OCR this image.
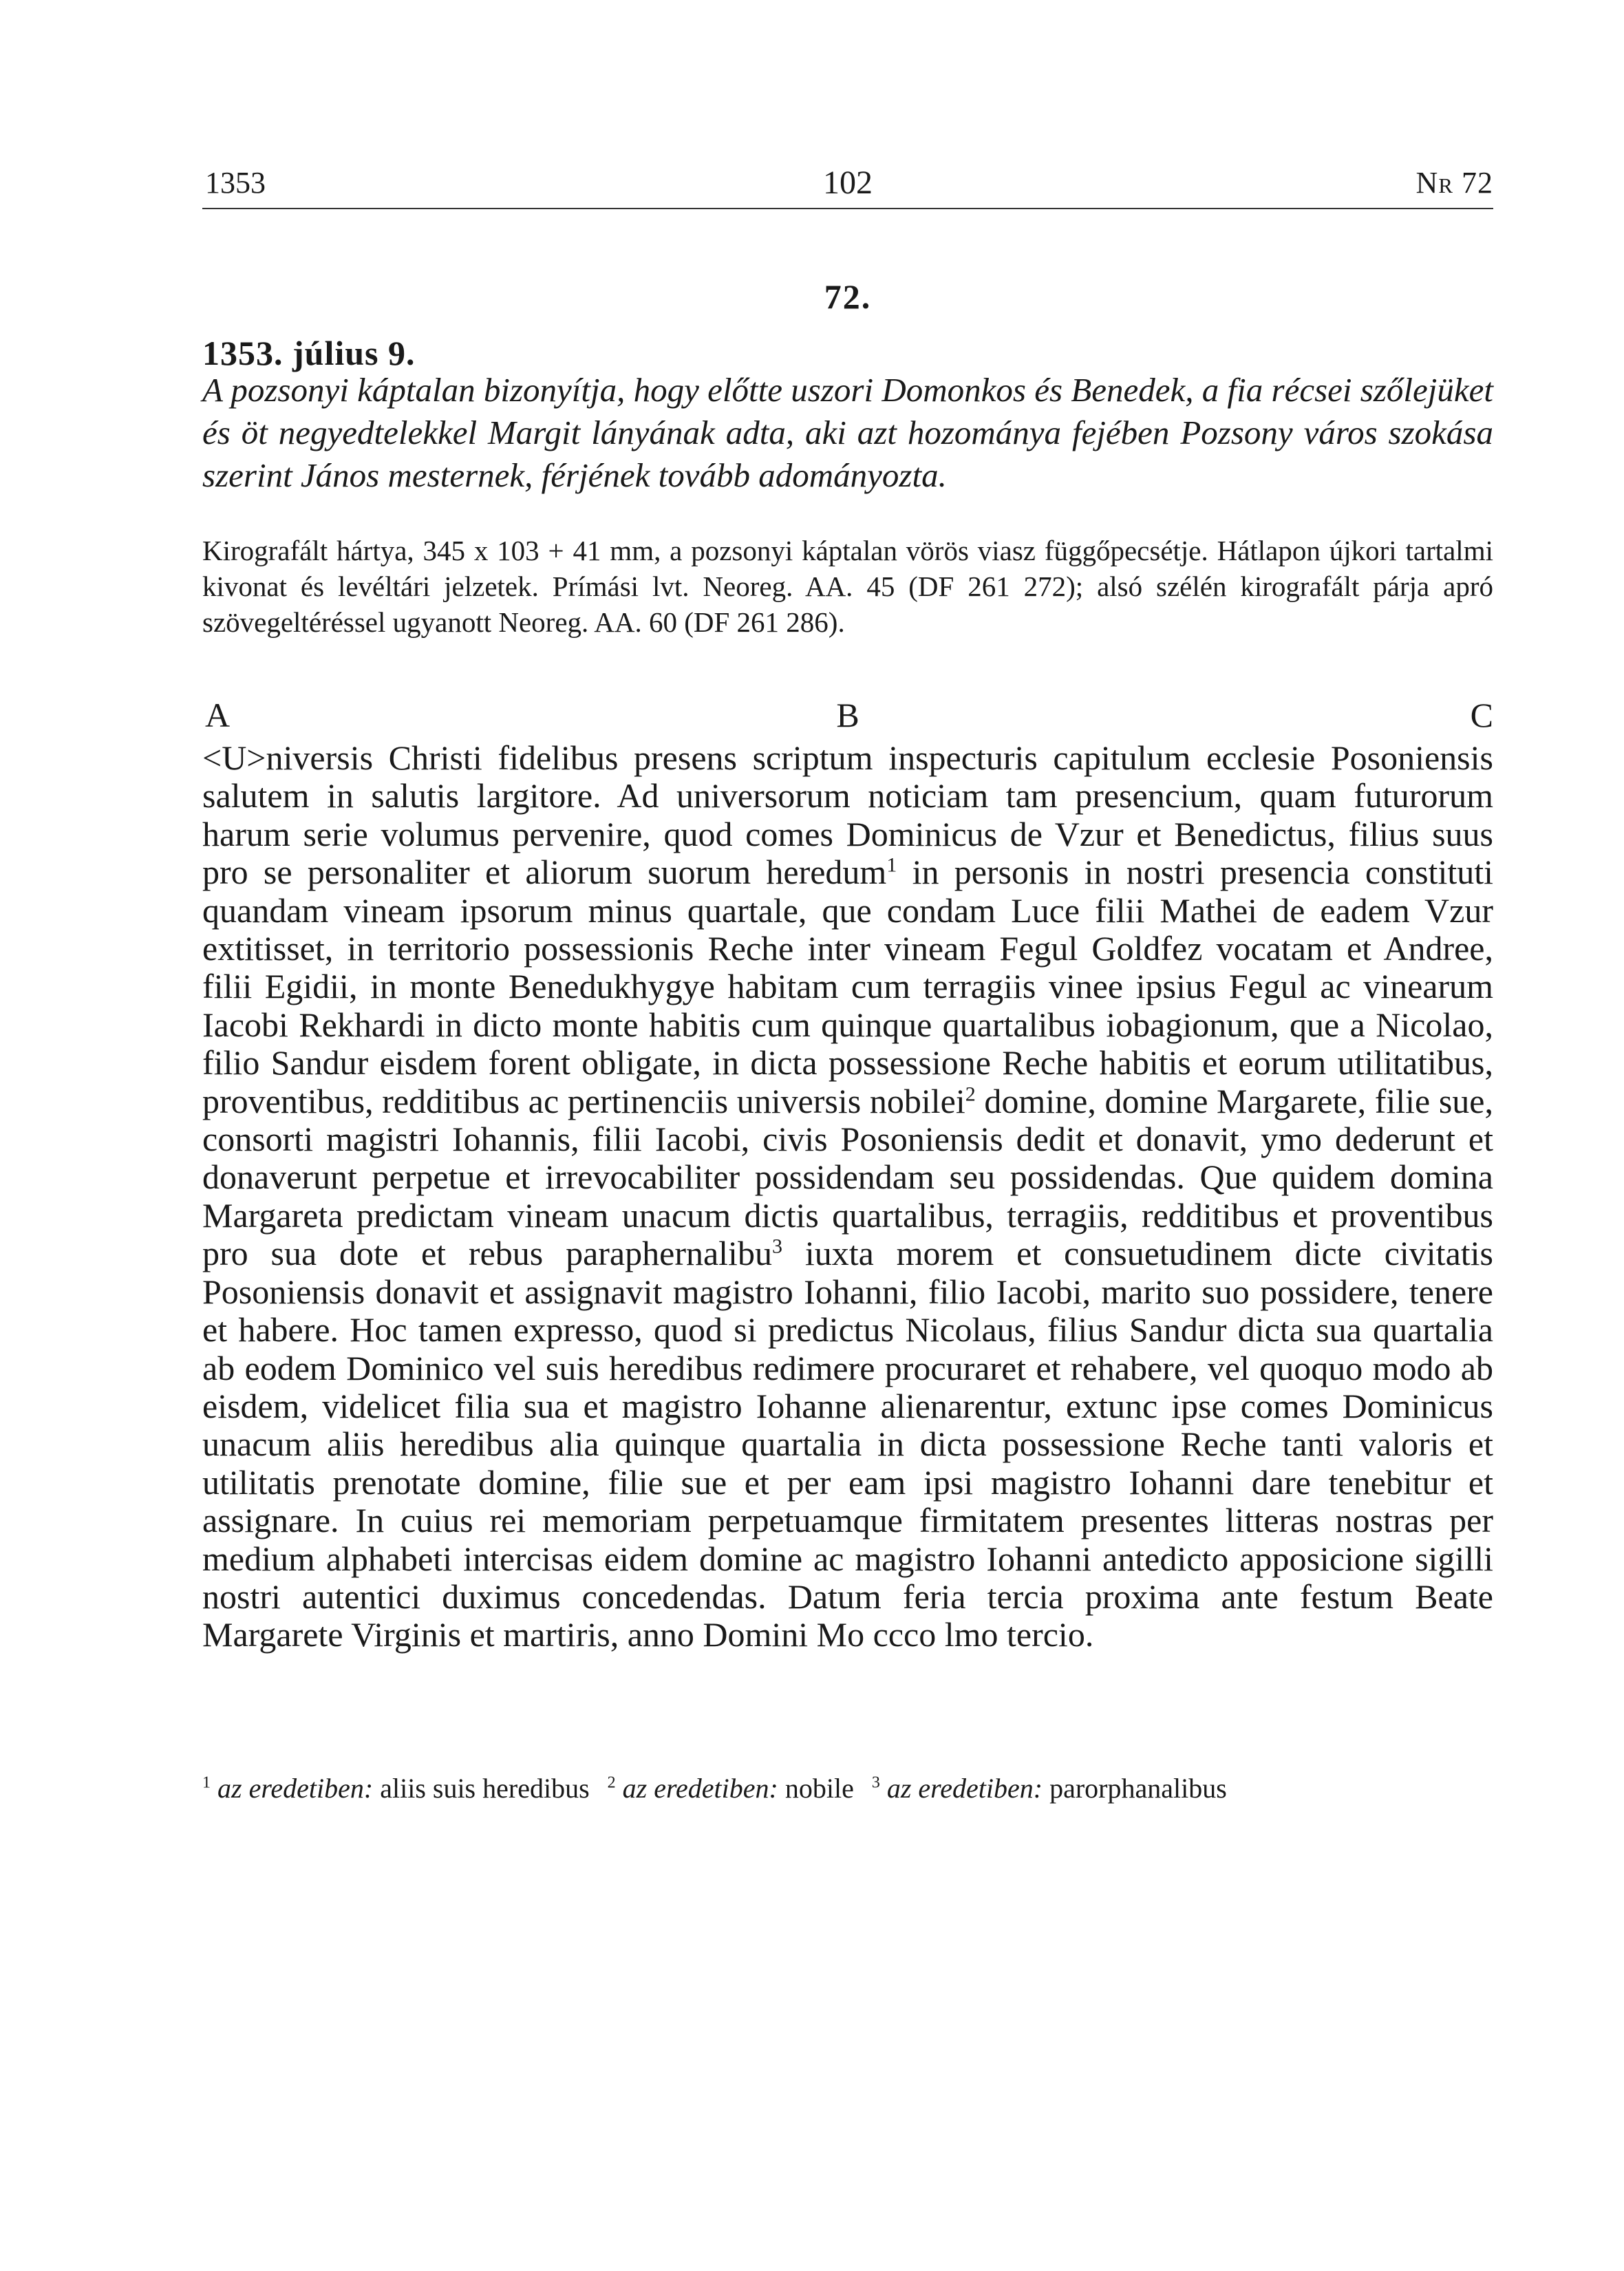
1353	102	Nr 72
72.
1353. július 9.
A pozsonyi káptalan bizonyítja, hogy előtte uszori Domonkos és Benedek, a fia récsei szőlejüket és öt negyedtelekkel Margit lányának adta, aki azt hozománya fejében Pozsony város szokása szerint János mesternek, férjének tovább adományozta.
Kirografált hártya, 345 x 103 + 41 mm, a pozsonyi káptalan vörös viasz függőpecsétje. Hátlapon újkori tartalmi kivonat és levéltári jelzetek. Prímási lvt. Neoreg. AA. 45 (DF 261 272); alsó szélén kirografált párja apró szövegeltéréssel ugyanott Neoreg. AA. 60 (DF 261 286).
A	B	C

<U>niversis Christi fidelibus presens scriptum inspecturis capitulum ecclesie Posoniensis salutem in salutis largitore. Ad universorum noticiam tam presencium, quam futurorum harum serie volumus pervenire, quod comes Dominicus de Vzur et Benedictus, filius suus pro se personaliter et aliorum suorum heredum$^1$ in personis in nostri presencia constituti quandam vineam ipsorum minus quartale, que condam Luce filii Mathei de eadem Vzur extitisset, in territorio possessionis Reche inter vineam Fegul Goldfez vocatam et Andree, filii Egidii, in monte Benedukhygye habitam cum terragiis vinee ipsius Fegul ac vinearum Iacobi Rekhardi in dicto monte habitis cum quinque quartalibus iobagionum, que a Nicolao, filio Sandur eisdem forent obligate, in dicta possessione Reche habitis et eorum utilitatibus, proventibus, redditibus ac pertinenciis universis nobilei$^2$ domine, domine Margarete, filie sue, consorti magistri Iohannis, filii Iacobi, civis Posoniensis dedit et donavit, ymo dederunt et donaverunt perpetue et irrevocabiliter possidendam seu possidendas. Que quidem domina Margareta predictam vineam unacum dictis quartalibus, terragiis, redditibus et proventibus pro sua dote et rebus paraphernalibu$^3$ iuxta morem et consuetudinem dicte civitatis Posoniensis donavit et assignavit magistro Iohanni, filio Iacobi, marito suo possidere, tenere et habere. Hoc tamen expresso, quod si predictus Nicolaus, filius Sandur dicta sua quartalia ab eodem Dominico vel suis heredibus redimere procuraret et rehabere, vel quoquo modo ab eisdem, videlicet filia sua et magistro Iohanne alienarentur, extunc ipse comes Dominicus unacum aliis heredibus alia quinque quartalia in dicta possessione Reche tanti valoris et utilitatis prenotate domine, filie sue et per eam ipsi magistro Iohanni dare tenebitur et assignare. In cuius rei memoriam perpetuamque firmitatem presentes litteras nostras per medium alphabeti intercisas eidem domine ac magistro Iohanni antedicto apposicione sigilli nostri autentici duximus concedendas. Datum feria tercia proxima ante festum Beate Margarete Virginis et martiris, anno Domini Mo ccco lmo tercio.

$^1$ az eredetiben: aliis suis heredibus $^2$ az eredetiben: nobile $^3$ az eredetiben: parorphanalibus
